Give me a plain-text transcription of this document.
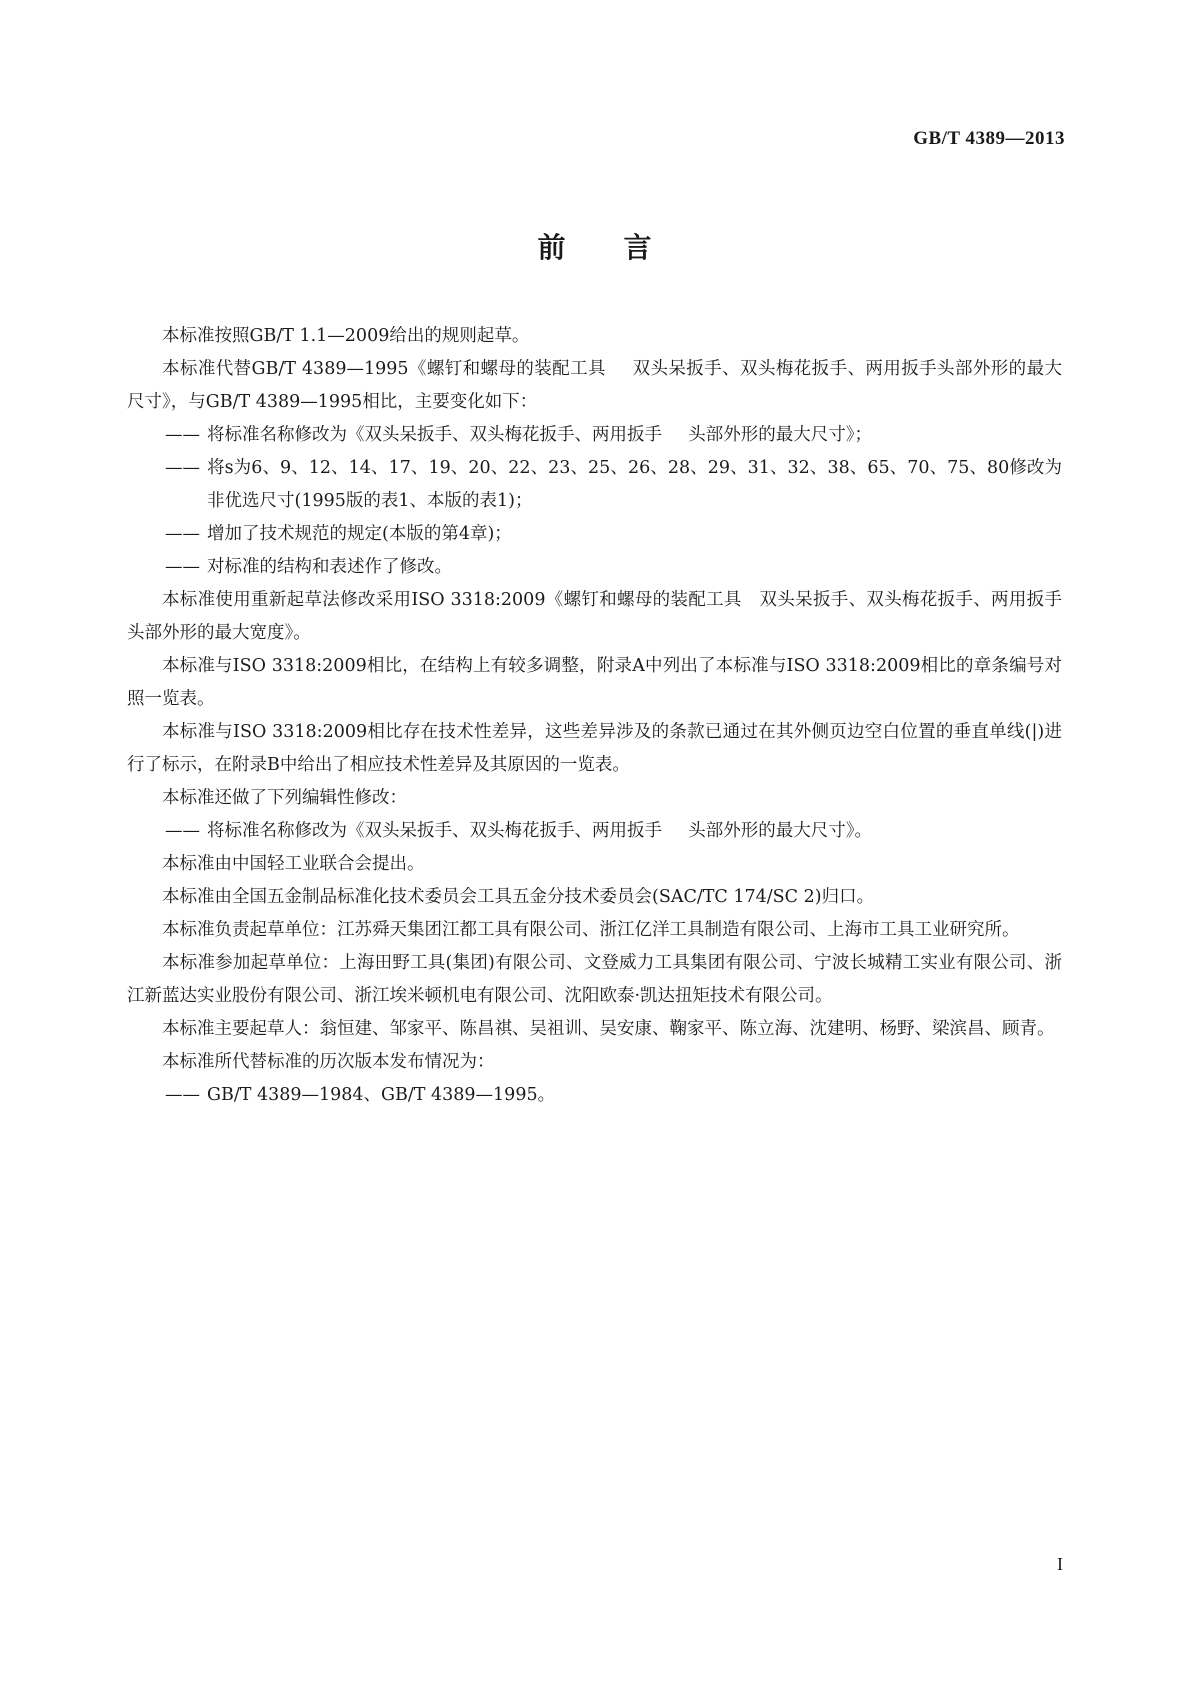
GB/T 4389—2013
前 言

本标准按照GB/T 1.1—2009给出的规则起草。

本标准代替GB/T 4389—1995《螺钉和螺母的装配工具 双头呆扳手、双头梅花扳手、两用扳手头部外形的最大尺寸》，与GB/T 4389—1995相比，主要变化如下：

—— 将标准名称修改为《双头呆扳手、双头梅花扳手、两用扳手 头部外形的最大尺寸》；

—— 将s为6、9、12、14、17、19、20、22、23、25、26、28、29、31、32、38、65、70、75、80修改为非优选尺寸(1995版的表1、本版的表1)；

—— 增加了技术规范的规定(本版的第4章)；

—— 对标准的结构和表述作了修改。

本标准使用重新起草法修改采用ISO 3318:2009《螺钉和螺母的装配工具　双头呆扳手、双头梅花扳手、两用扳手头部外形的最大宽度》。

本标准与ISO 3318:2009相比，在结构上有较多调整，附录A中列出了本标准与ISO 3318:2009相比的章条编号对照一览表。

本标准与ISO 3318:2009相比存在技术性差异，这些差异涉及的条款已通过在其外侧页边空白位置的垂直单线(|)进行了标示，在附录B中给出了相应技术性差异及其原因的一览表。

本标准还做了下列编辑性修改：

—— 将标准名称修改为《双头呆扳手、双头梅花扳手、两用扳手 头部外形的最大尺寸》。

本标准由中国轻工业联合会提出。

本标准由全国五金制品标准化技术委员会工具五金分技术委员会(SAC/TC 174/SC 2)归口。

本标准负责起草单位：江苏舜天集团江都工具有限公司、浙江亿洋工具制造有限公司、上海市工具工业研究所。

本标准参加起草单位：上海田野工具(集团)有限公司、文登威力工具集团有限公司、宁波长城精工实业有限公司、浙江新蓝达实业股份有限公司、浙江埃米顿机电有限公司、沈阳欧泰·凯达扭矩技术有限公司。

本标准主要起草人：翁恒建、邹家平、陈昌祺、吴祖训、吴安康、鞠家平、陈立海、沈建明、杨野、梁滨昌、顾青。

本标准所代替标准的历次版本发布情况为：

—— GB/T 4389—1984、GB/T 4389—1995。

I
